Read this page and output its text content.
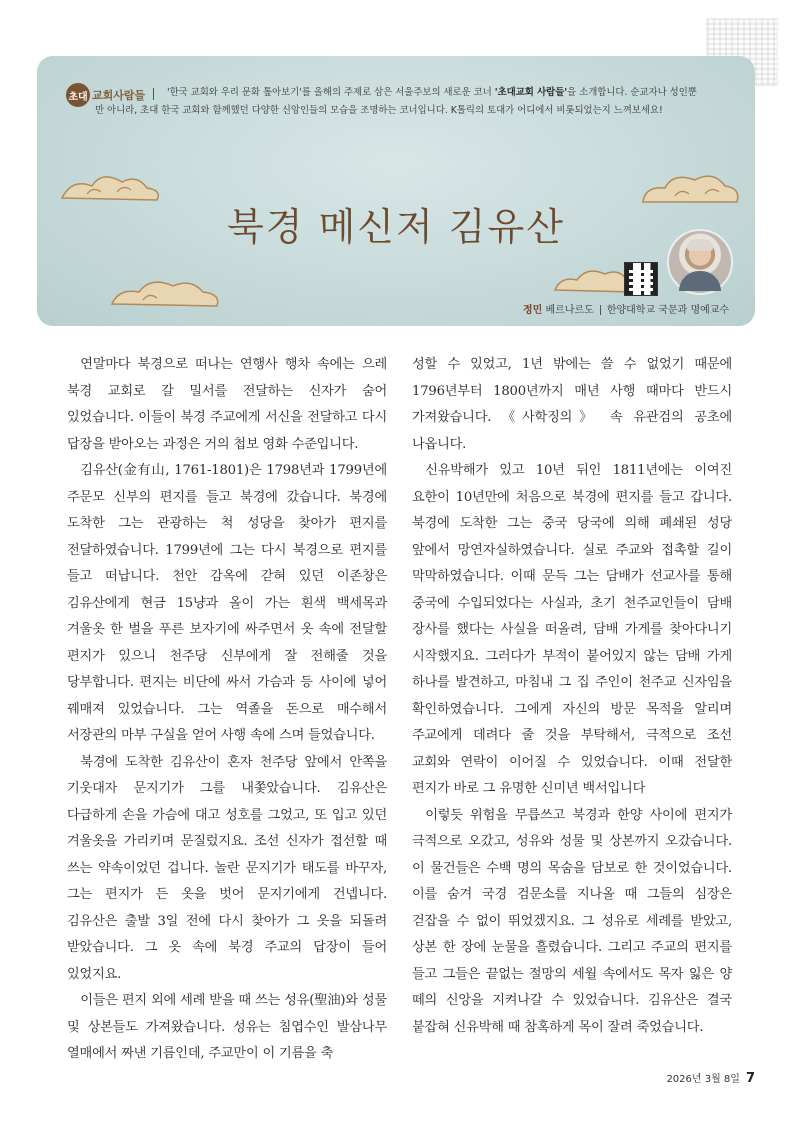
초대 교회사람들 '한국 교회와 우리 문화 톺아보기'를 올해의 주제로 삼은 서울주보의 새로운 코너 '초대교회 사람들'을 소개합니다. 순교자나 성인뿐
만 아니라, 초대 한국 교회와 함께했던 다양한 신앙인들의 모습을 조명하는 코너입니다. K톨릭의 토대가 어디에서 비롯되었는지 느껴보세요!
북경 메신저 김유산
정민 베르나르도 한양대학교 국문과 명예교수

연말마다 북경으로 떠나는 연행사 행차 속에는 으레 북경 교회로 갈 밀서를 전달하는 신자가 숨어 있었습니다. 이들이 북경 주교에게 서신을 전달하고 다시 답장을 받아오는 과정은 거의 첩보 영화 수준입니다.

김유산(金有山, 1761-1801)은 1798년과 1799년에 주문모 신부의 편지를 들고 북경에 갔습니다. 북경에 도착한 그는 관광하는 척 성당을 찾아가 편지를 전달하였습니다. 1799년에 그는 다시 북경으로 편지를 들고 떠납니다. 천안 감옥에 갇혀 있던 이존창은 김유산에게 현금 15냥과 올이 가는 흰색 백세목과 겨울옷 한 벌을 푸른 보자기에 싸주면서 옷 속에 전달할 편지가 있으니 천주당 신부에게 잘 전해줄 것을 당부합니다. 편지는 비단에 싸서 가슴과 등 사이에 넣어 꿰매져 있었습니다. 그는 역졸을 돈으로 매수해서 서장관의 마부 구실을 얻어 사행 속에 스며 들었습니다.

북경에 도착한 김유산이 혼자 천주당 앞에서 안쪽을 기웃대자 문지기가 그를 내쫓았습니다. 김유산은 다급하게 손을 가슴에 대고 성호를 그었고, 또 입고 있던 겨울옷을 가리키며 문질렀지요. 조선 신자가 접선할 때 쓰는 약속이었던 겁니다. 놀란 문지기가 태도를 바꾸자, 그는 편지가 든 옷을 벗어 문지기에게 건넵니다. 김유산은 출발 3일 전에 다시 찾아가 그 옷을 되돌려 받았습니다. 그 옷 속에 북경 주교의 답장이 들어 있었지요.

이들은 편지 외에 세례 받을 때 쓰는 성유(聖油)와 성물 및 상본들도 가져왔습니다. 성유는 침엽수인 발삼나무 열매에서 짜낸 기름인데, 주교만이 이 기름을 축

성할 수 있었고, 1년 밖에는 쓸 수 없었기 때문에 1796년부터 1800년까지 매년 사행 때마다 반드시 가져왔습니다. 《사학징의》 속 유관검의 공초에 나옵니다.

신유박해가 있고 10년 뒤인 1811년에는 이여진 요한이 10년만에 처음으로 북경에 편지를 들고 갑니다. 북경에 도착한 그는 중국 당국에 의해 폐쇄된 성당 앞에서 망연자실하였습니다. 실로 주교와 접촉할 길이 막막하였습니다. 이때 문득 그는 담배가 선교사를 통해 중국에 수입되었다는 사실과, 초기 천주교인들이 담배 장사를 했다는 사실을 떠올려, 담배 가게를 찾아다니기 시작했지요. 그러다가 부적이 붙어있지 않는 담배 가게 하나를 발견하고, 마침내 그 집 주인이 천주교 신자임을 확인하였습니다. 그에게 자신의 방문 목적을 알리며 주교에게 데려다 줄 것을 부탁해서, 극적으로 조선 교회와 연락이 이어질 수 있었습니다. 이때 전달한 편지가 바로 그 유명한 신미년 백서입니다

이렇듯 위험을 무릅쓰고 북경과 한양 사이에 편지가 극적으로 오갔고, 성유와 성물 및 상본까지 오갔습니다. 이 물건들은 수백 명의 목숨을 담보로 한 것이었습니다. 이를 숨겨 국경 검문소를 지나올 때 그들의 심장은 걷잡을 수 없이 뛰었겠지요. 그 성유로 세례를 받았고, 상본 한 장에 눈물을 흘렸습니다. 그리고 주교의 편지를 들고 그들은 끝없는 절망의 세월 속에서도 목자 잃은 양 떼의 신앙을 지켜나갈 수 있었습니다. 김유산은 결국 붙잡혀 신유박해 때 참혹하게 목이 잘려 죽었습니다.

2026년 3월 8일 7
